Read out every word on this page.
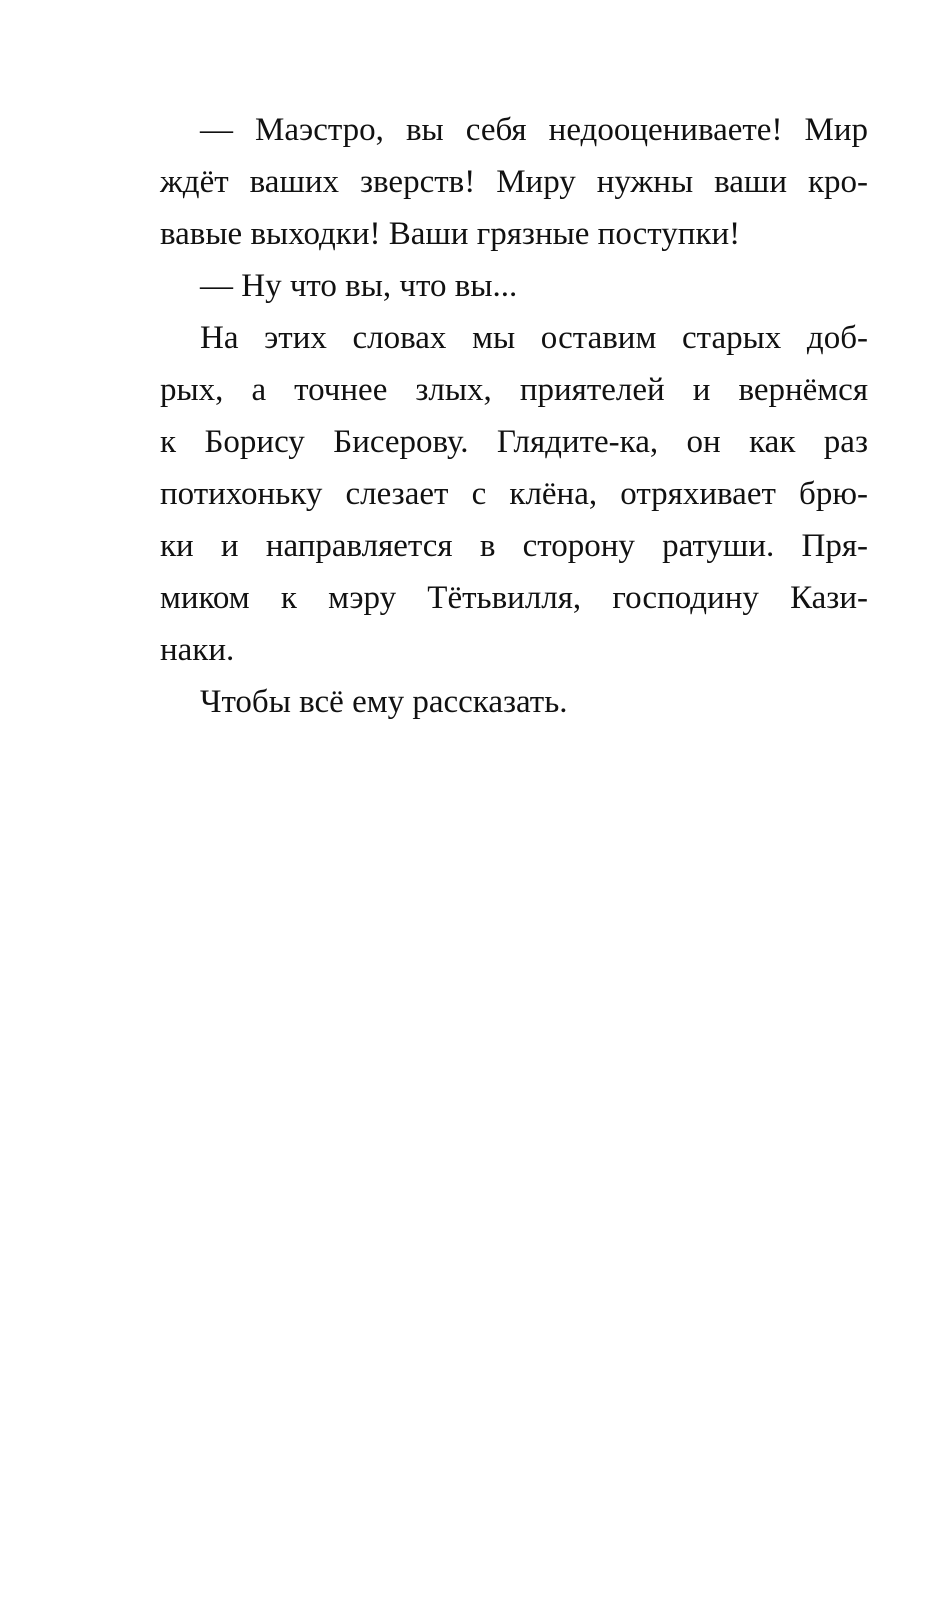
— Маэстро, вы себя недооцениваете! Мир
ждёт ваших зверств! Миру нужны ваши кро-
вавые выходки! Ваши грязные поступки!
— Ну что вы, что вы...
На этих словах мы оставим старых доб-
рых, а точнее злых, приятелей и вернёмся
к Борису Бисерову. Глядите-ка, он как раз
потихоньку слезает с клёна, отряхивает брю-
ки и направляется в сторону ратуши. Пря-
миком к мэру Тётьвилля, господину Кази-
наки.
Чтобы всё ему рассказать.
